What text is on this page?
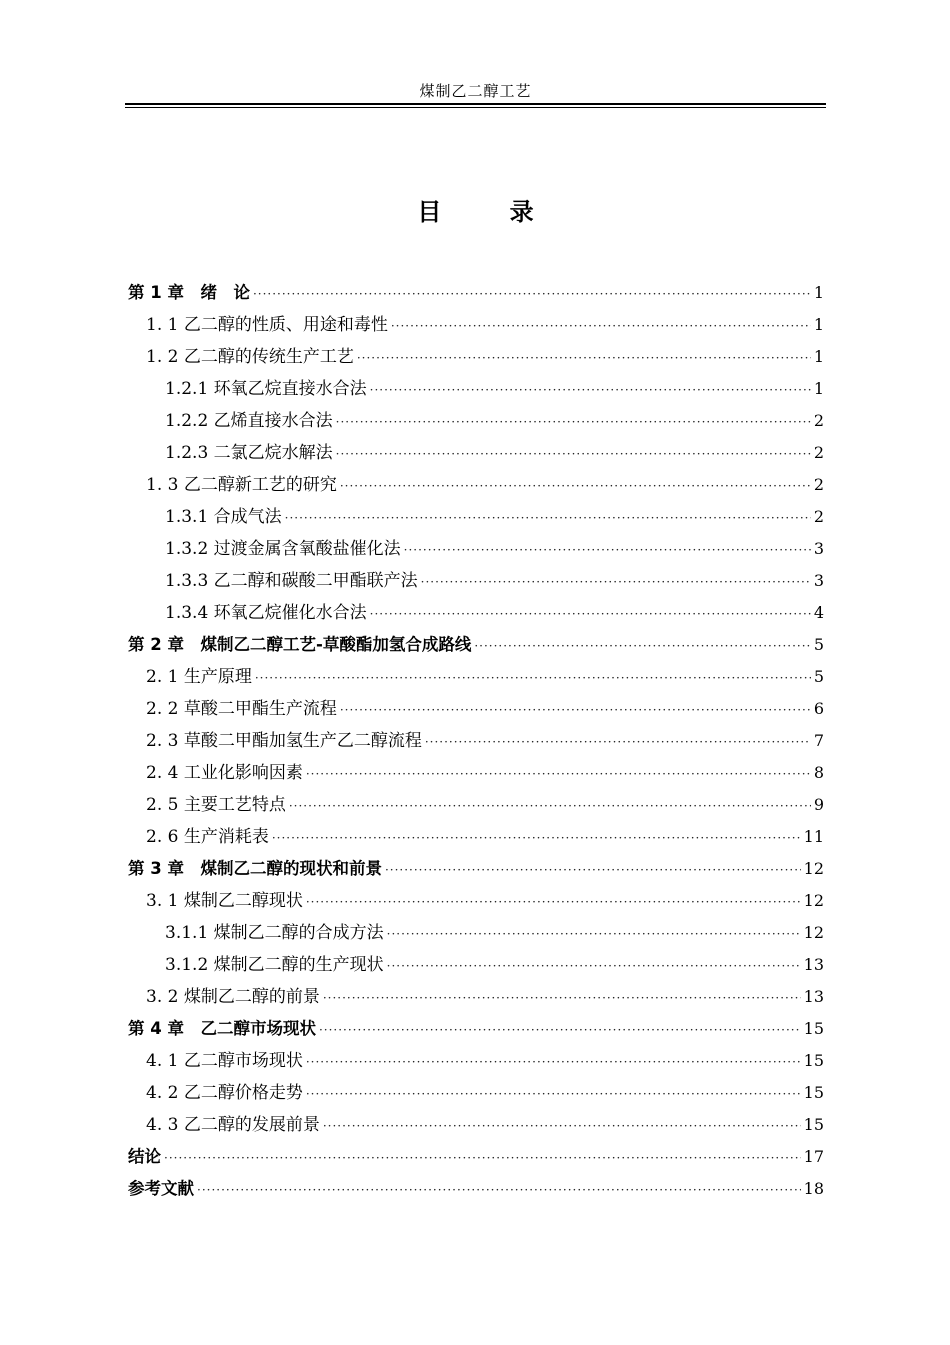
煤制乙二醇工艺
目 录
第 1 章　绪　论 ·····	1
1. 1 乙二醇的性质、用途和毒性 ·····	1
1. 2 乙二醇的传统生产工艺 ·····	1
1.2.1 环氧乙烷直接水合法 ·····	1
1.2.2 乙烯直接水合法 ·····	2
1.2.3 二氯乙烷水解法 ·····	2
1. 3 乙二醇新工艺的研究 ·····	2
1.3.1 合成气法 ·····	2
1.3.2 过渡金属含氧酸盐催化法 ·····	3
1.3.3 乙二醇和碳酸二甲酯联产法 ·····	3
1.3.4 环氧乙烷催化水合法 ·····	4
第 2 章　煤制乙二醇工艺-草酸酯加氢合成路线 ·····	5
2. 1 生产原理 ·····	5
2. 2 草酸二甲酯生产流程 ·····	6
2. 3 草酸二甲酯加氢生产乙二醇流程 ·····	7
2. 4 工业化影响因素 ·····	8
2. 5 主要工艺特点 ·····	9
2. 6 生产消耗表 ·····	11
第 3 章　煤制乙二醇的现状和前景 ·····	12
3. 1 煤制乙二醇现状 ·····	12
3.1.1 煤制乙二醇的合成方法 ·····	12
3.1.2 煤制乙二醇的生产现状 ·····	13
3. 2 煤制乙二醇的前景 ·····	13
第 4 章　乙二醇市场现状 ·····	15
4. 1 乙二醇市场现状 ·····	15
4. 2 乙二醇价格走势 ·····	15
4. 3 乙二醇的发展前景 ·····	15
结论 ·····	17
参考文献 ·····	18
